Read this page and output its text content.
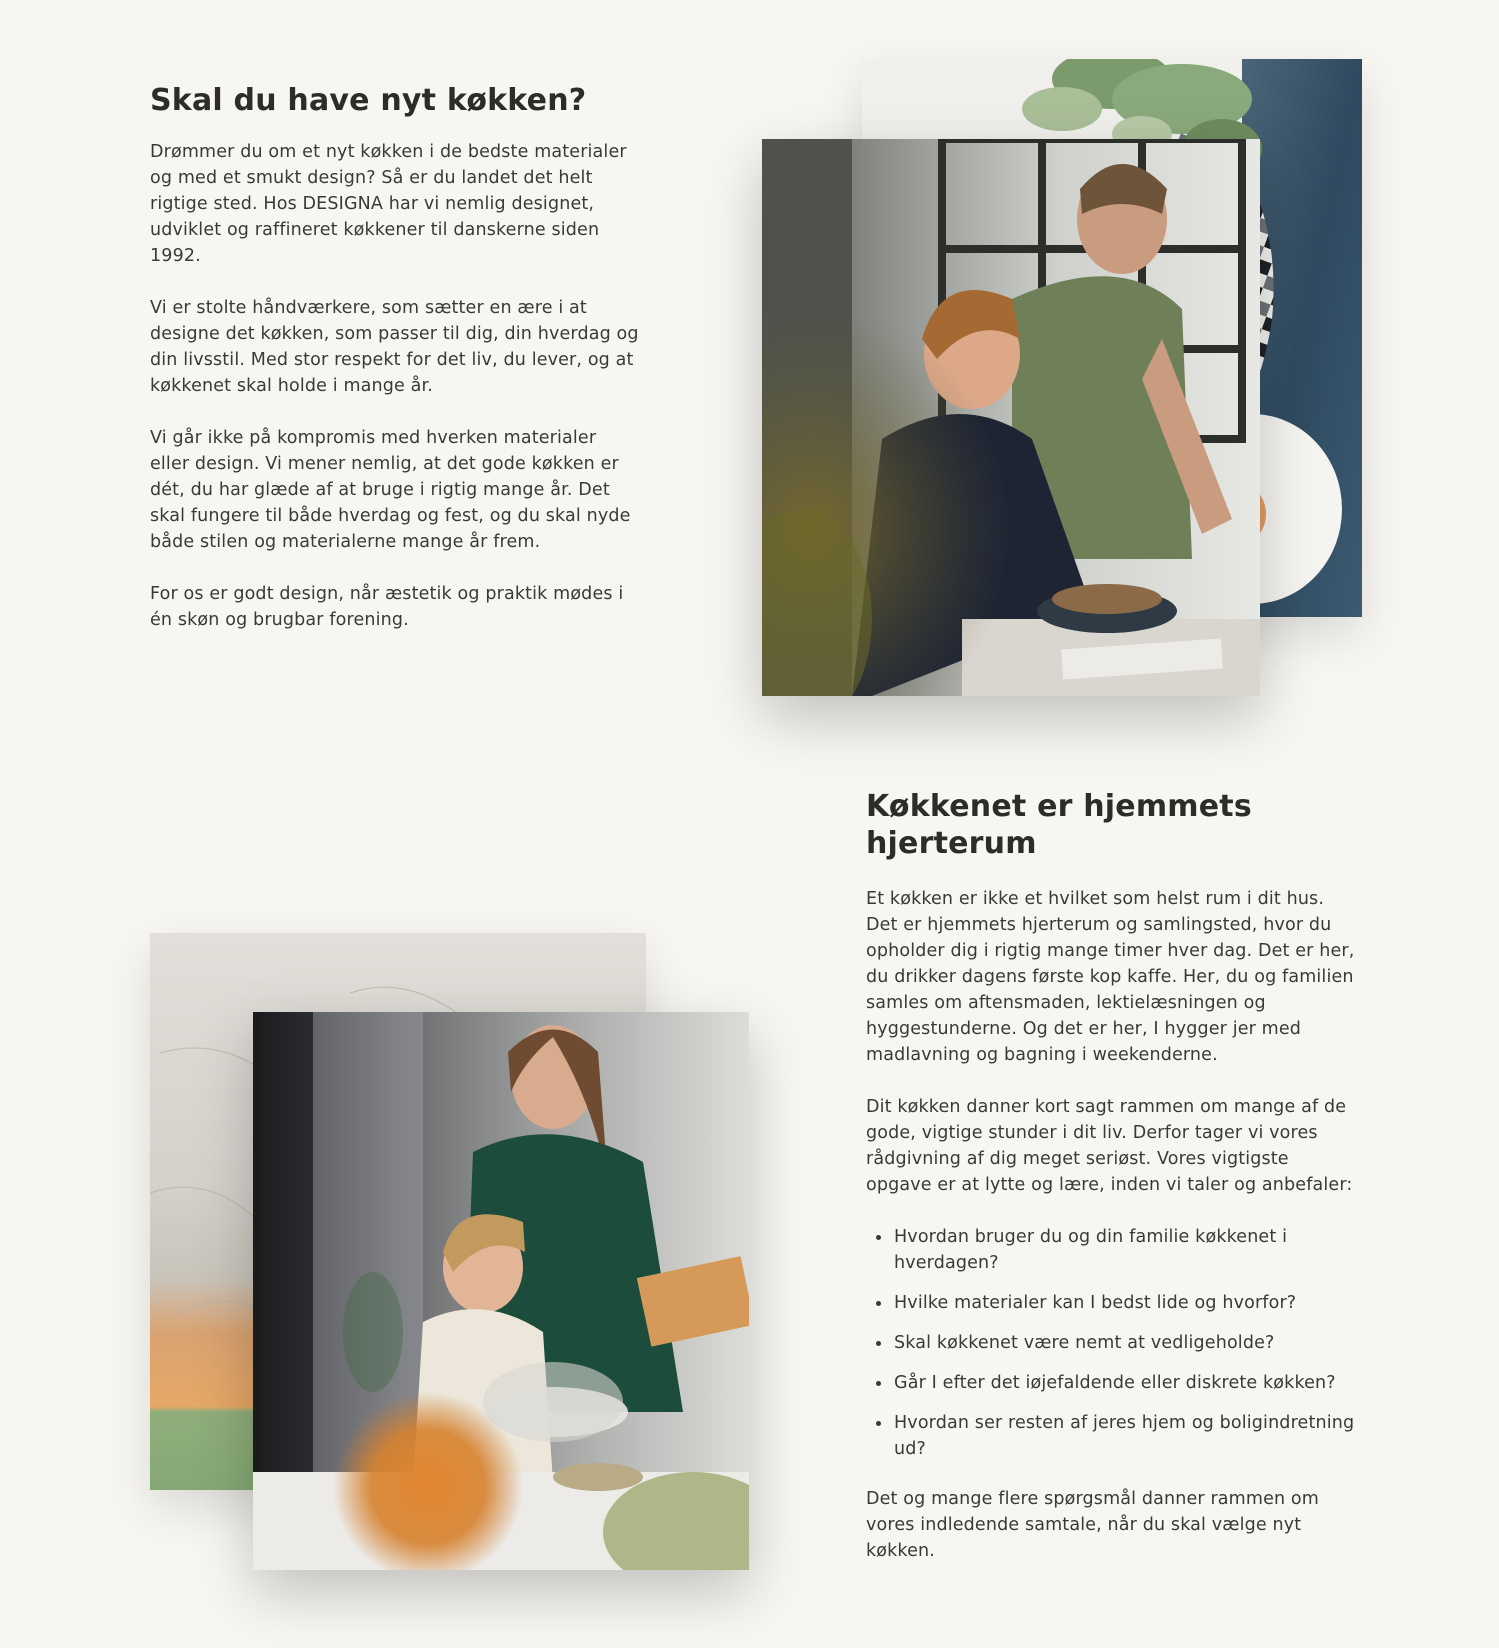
Skal du have nyt køkken?

Drømmer du om et nyt køkken i de bedste materialer og med et smukt design? Så er du landet det helt rigtige sted. Hos DESIGNA har vi nemlig designet, udviklet og raffineret køkkener til danskerne siden 1992.

Vi er stolte håndværkere, som sætter en ære i at designe det køkken, som passer til dig, din hverdag og din livsstil. Med stor respekt for det liv, du lever, og at køkkenet skal holde i mange år.

Vi går ikke på kompromis med hverken materialer eller design. Vi mener nemlig, at det gode køkken er dét, du har glæde af at bruge i rigtig mange år. Det skal fungere til både hverdag og fest, og du skal nyde både stilen og materialerne mange år frem.

For os er godt design, når æstetik og praktik mødes i én skøn og brugbar forening.

Køkkenet er hjemmets hjerterum

Et køkken er ikke et hvilket som helst rum i dit hus. Det er hjemmets hjerterum og samlingsted, hvor du opholder dig i rigtig mange timer hver dag. Det er her, du drikker dagens første kop kaffe. Her, du og familien samles om aftensmaden, lektielæsningen og hyggestunderne. Og det er her, I hygger jer med madlavning og bagning i weekenderne.

Dit køkken danner kort sagt rammen om mange af de gode, vigtige stunder i dit liv. Derfor tager vi vores rådgivning af dig meget seriøst. Vores vigtigste opgave er at lytte og lære, inden vi taler og anbefaler:

Hvordan bruger du og din familie køkkenet i hverdagen?
Hvilke materialer kan I bedst lide og hvorfor?
Skal køkkenet være nemt at vedligeholde?
Går I efter det iøjefaldende eller diskrete køkken?
Hvordan ser resten af jeres hjem og boligindretning ud?

Det og mange flere spørgsmål danner rammen om vores indledende samtale, når du skal vælge nyt køkken.
